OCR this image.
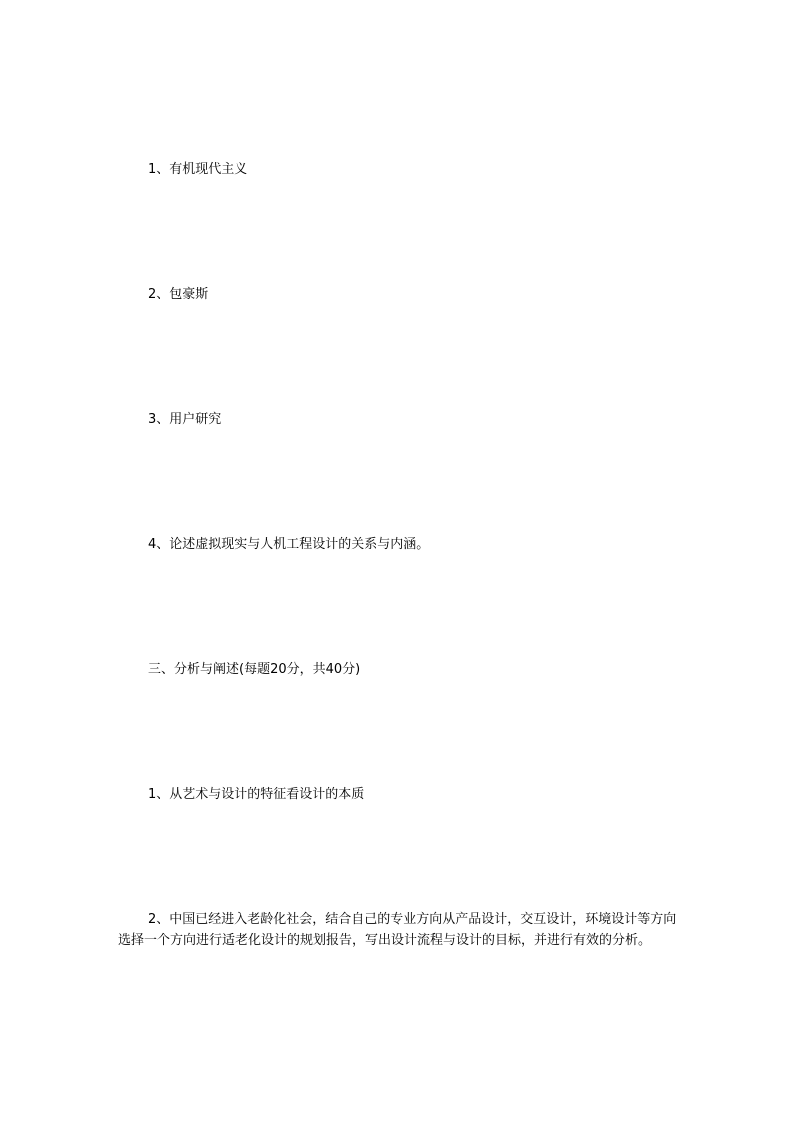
1、有机现代主义

2、包豪斯

3、用户研究

4、论述虚拟现实与人机工程设计的关系与内涵。

三、分析与阐述(每题20分，共40分)

1、从艺术与设计的特征看设计的本质

2、中国已经进入老龄化社会，结合自己的专业方向从产品设计，交互设计，环境设计等方向选择一个方向进行适老化设计的规划报告，写出设计流程与设计的目标，并进行有效的分析。
